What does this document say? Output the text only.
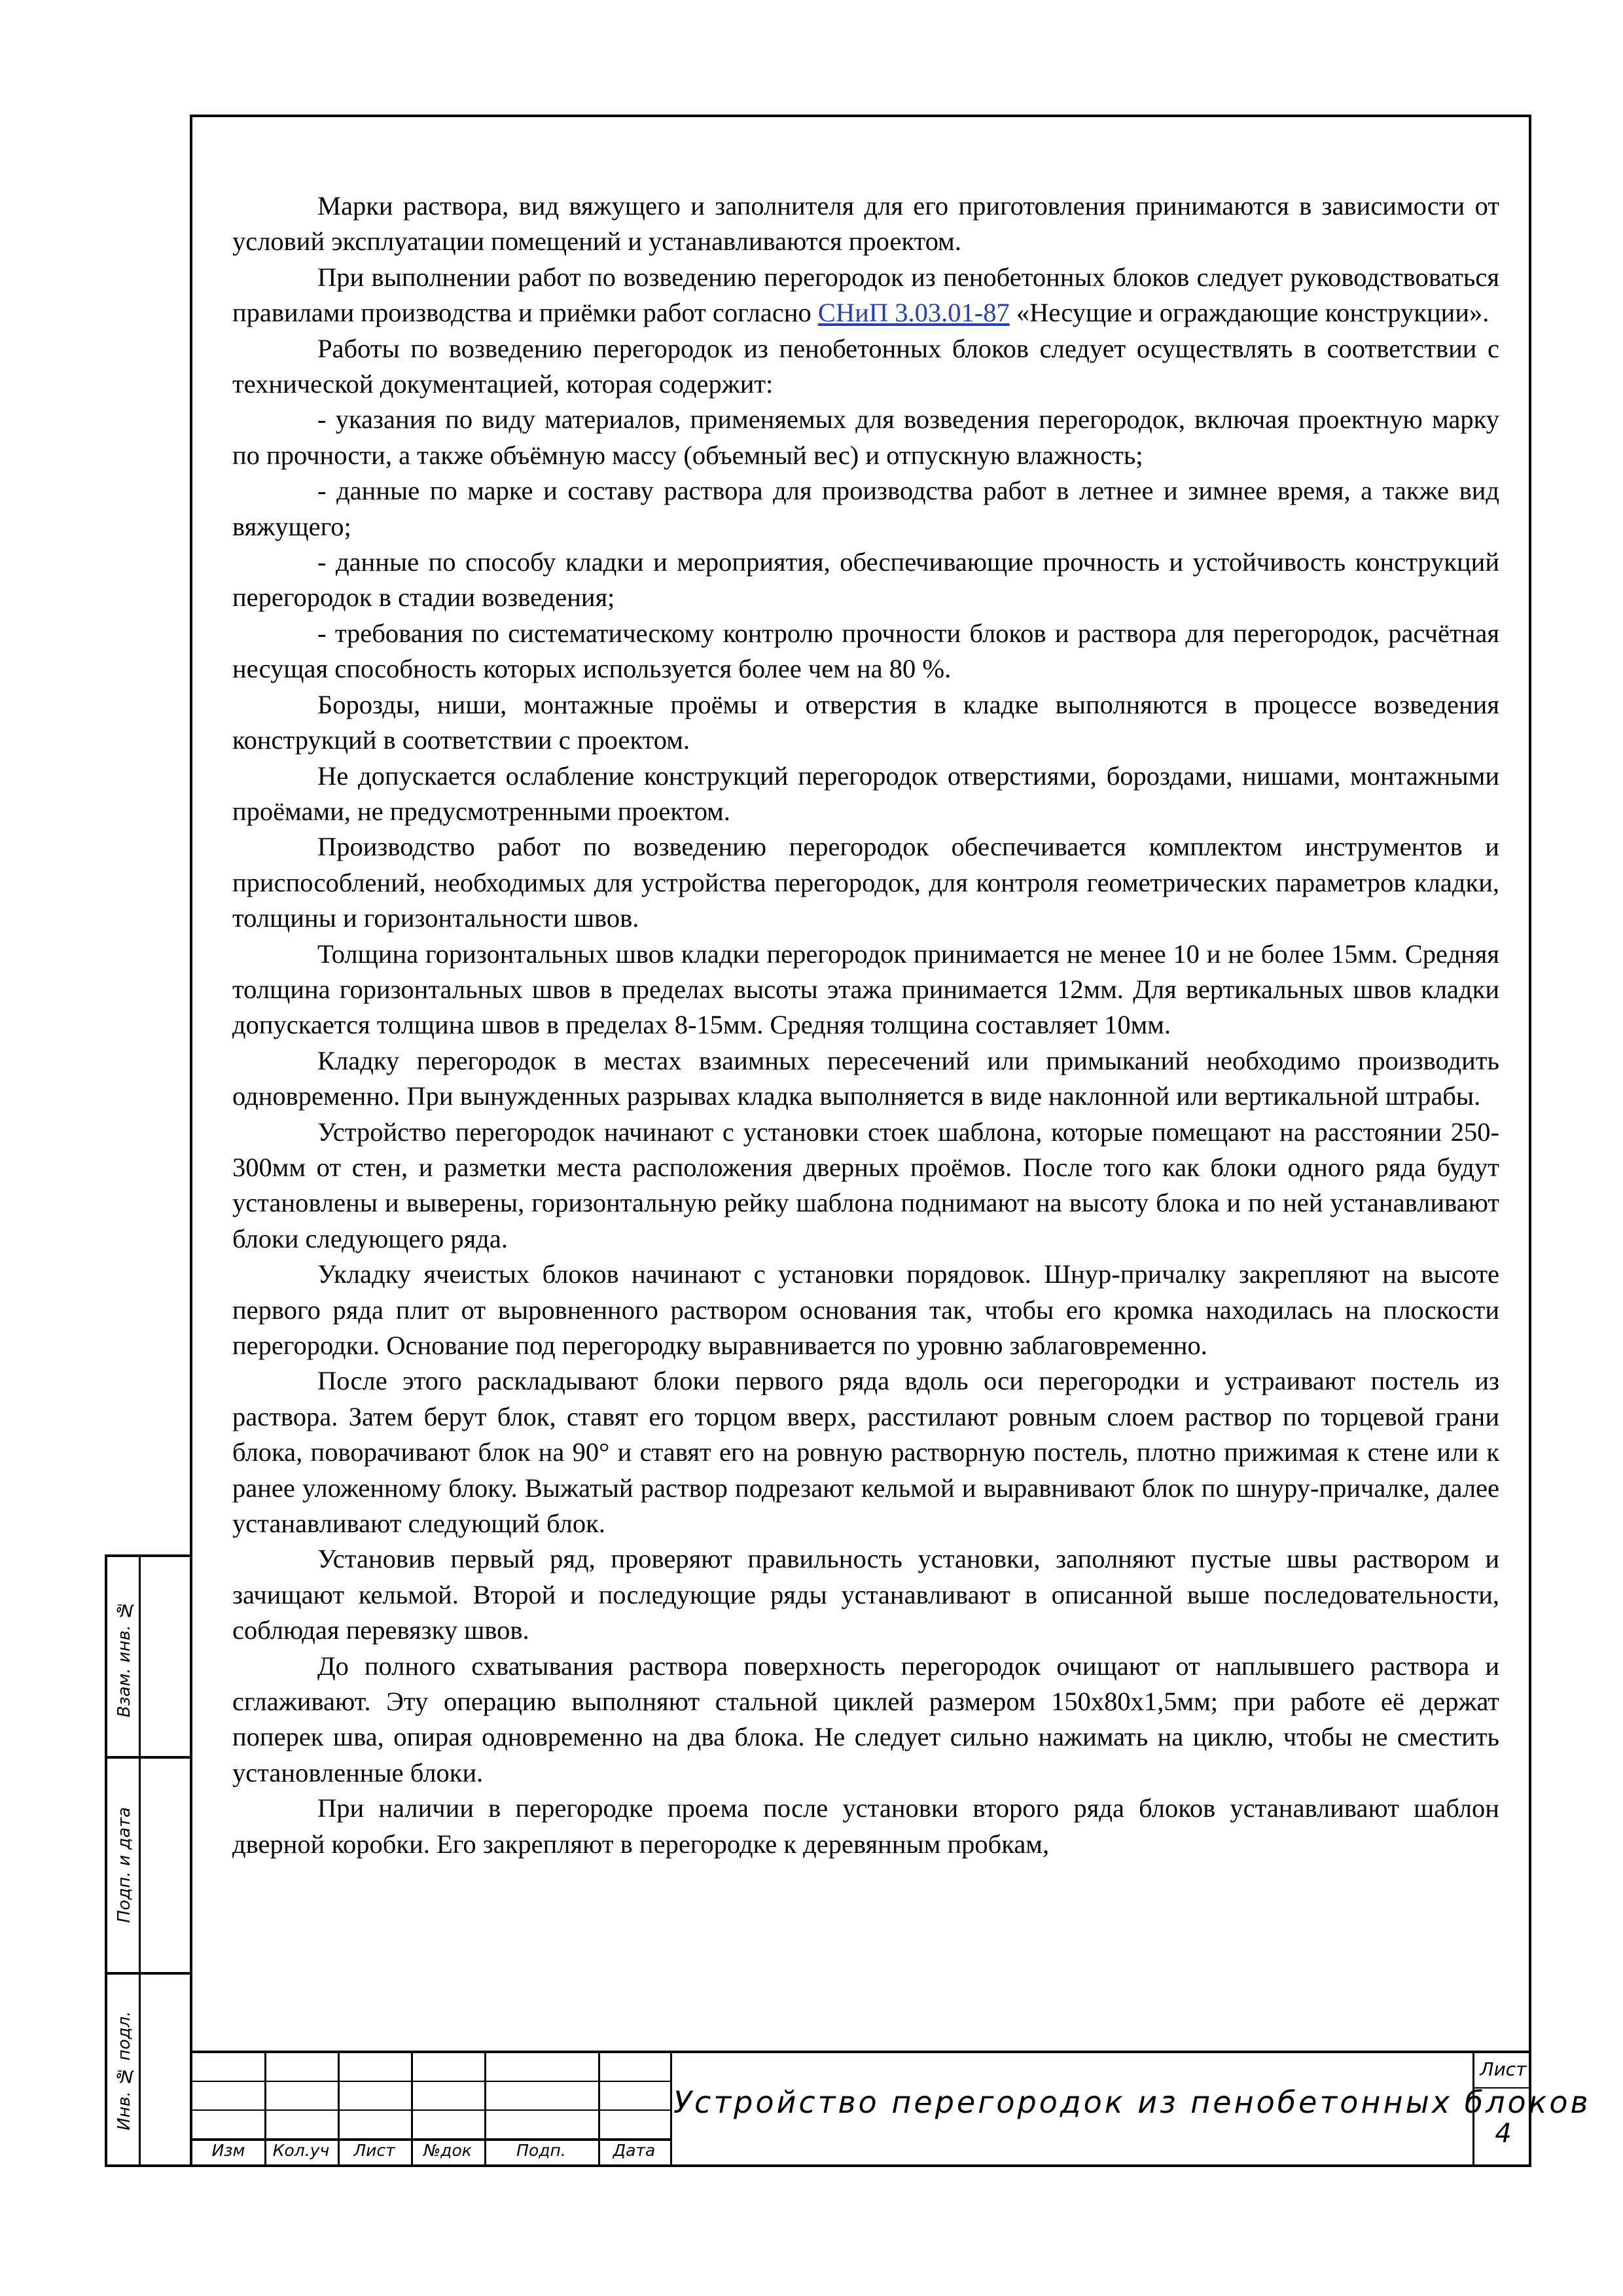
Марки раствора, вид вяжущего и заполнителя для его приготовления принимаются в зависимости от условий эксплуатации помещений и устанавливаются проектом.

При выполнении работ по возведению перегородок из пенобетонных блоков следует руководствоваться правилами производства и приёмки работ согласно СНиП 3.03.01-87 «Несущие и ограждающие конструкции».

Работы по возведению перегородок из пенобетонных блоков следует осуществлять в соответствии с технической документацией, которая содержит:

- указания по виду материалов, применяемых для возведения перегородок, включая проектную марку по прочности, а также объёмную массу (объемный вес) и отпускную влажность;

- данные по марке и составу раствора для производства работ в летнее и зимнее время, а также вид вяжущего;

- данные по способу кладки и мероприятия, обеспечивающие прочность и устойчивость конструкций перегородок в стадии возведения;

- требования по систематическому контролю прочности блоков и раствора для перегородок, расчётная несущая способность которых используется более чем на 80 %.

Борозды, ниши, монтажные проёмы и отверстия в кладке выполняются в процессе возведения конструкций в соответствии с проектом.

Не допускается ослабление конструкций перегородок отверстиями, бороздами, нишами, монтажными проёмами, не предусмотренными проектом.

Производство работ по возведению перегородок обеспечивается комплектом инструментов и приспособлений, необходимых для устройства перегородок, для контроля геометрических параметров кладки, толщины и горизонтальности швов.

Толщина горизонтальных швов кладки перегородок принимается не менее 10 и не более 15мм. Средняя толщина горизонтальных швов в пределах высоты этажа принимается 12мм. Для вертикальных швов кладки допускается толщина швов в пределах 8-15мм. Средняя толщина составляет 10мм.

Кладку перегородок в местах взаимных пересечений или примыканий необходимо производить одновременно. При вынужденных разрывах кладка выполняется в виде наклонной или вертикальной штрабы.

Устройство перегородок начинают с установки стоек шаблона, которые помещают на расстоянии 250-300мм от стен, и разметки места расположения дверных проёмов. После того как блоки одного ряда будут установлены и выверены, горизонтальную рейку шаблона поднимают на высоту блока и по ней устанавливают блоки следующего ряда.

Укладку ячеистых блоков начинают с установки порядовок. Шнур-причалку закрепляют на высоте первого ряда плит от выровненного раствором основания так, чтобы его кромка находилась на плоскости перегородки. Основание под перегородку выравнивается по уровню заблаговременно.

После этого раскладывают блоки первого ряда вдоль оси перегородки и устраивают постель из раствора. Затем берут блок, ставят его торцом вверх, расстилают ровным слоем раствор по торцевой грани блока, поворачивают блок на 90° и ставят его на ровную растворную постель, плотно прижимая к стене или к ранее уложенному блоку. Выжатый раствор подрезают кельмой и выравнивают блок по шнуру-причалке, далее устанавливают следующий блок.

Установив первый ряд, проверяют правильность установки, заполняют пустые швы раствором и зачищают кельмой. Второй и последующие ряды устанавливают в описанной выше последовательности, соблюдая перевязку швов.

До полного схватывания раствора поверхность перегородок очищают от наплывшего раствора и сглаживают. Эту операцию выполняют стальной циклей размером 150х80х1,5мм; при работе её держат поперек шва, опирая одновременно на два блока. Не следует сильно нажимать на циклю, чтобы не сместить установленные блоки.

При наличии в перегородке проема после установки второго ряда блоков устанавливают шаблон дверной коробки. Его закрепляют в перегородке к деревянным пробкам,

Взам. инв. №
Подп. и дата
Инв. № подл.
Изм	Кол.уч	Лист	№док	Подп.	Дата
Устройство перегородок из пенобетонных блоков
Лист
4
